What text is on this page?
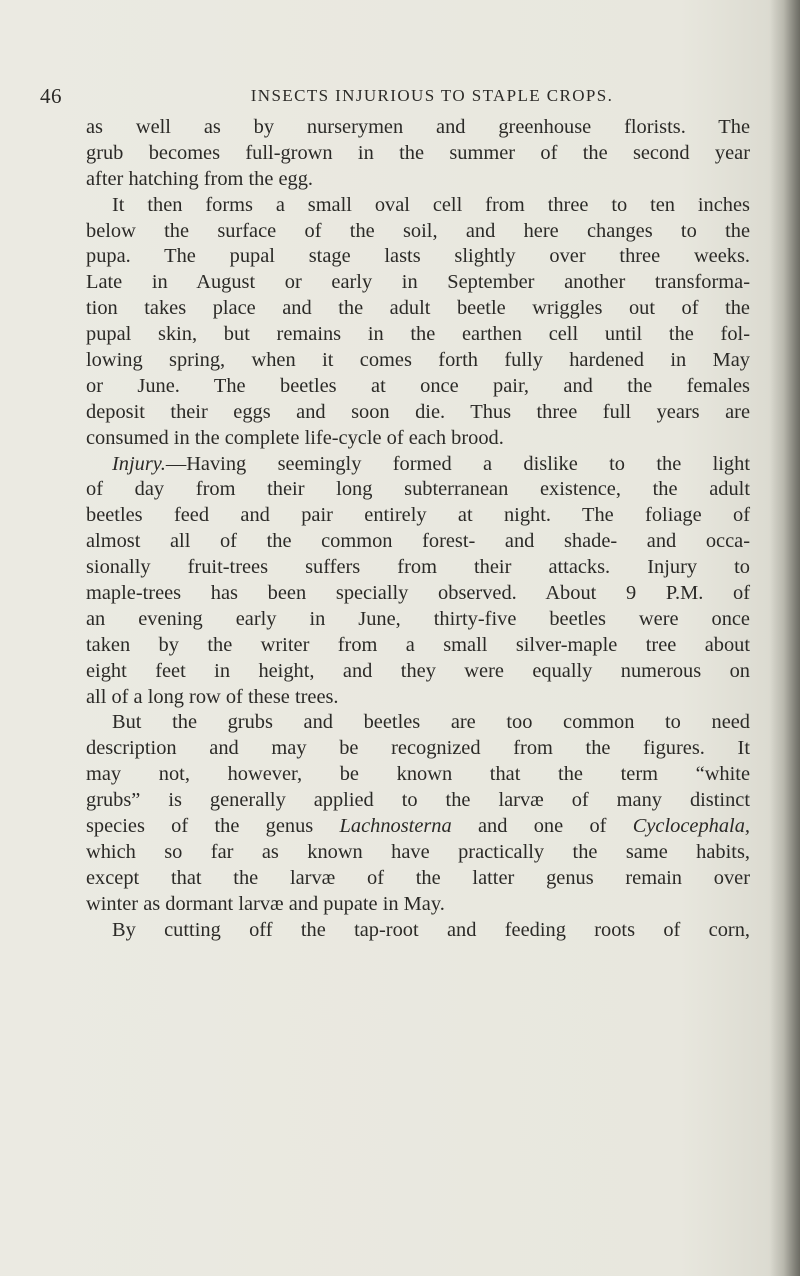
46	INSECTS INJURIOUS TO STAPLE CROPS.
as well as by nurserymen and greenhouse florists. The
grub becomes full-grown in the summer of the second year
after hatching from the egg.
It then forms a small oval cell from three to ten inches
below the surface of the soil, and here changes to the
pupa. The pupal stage lasts slightly over three weeks.
Late in August or early in September another transforma-
tion takes place and the adult beetle wriggles out of the
pupal skin, but remains in the earthen cell until the fol-
lowing spring, when it comes forth fully hardened in May
or June. The beetles at once pair, and the females
deposit their eggs and soon die. Thus three full years are
consumed in the complete life-cycle of each brood.
Injury.—Having seemingly formed a dislike to the light
of day from their long subterranean existence, the adult
beetles feed and pair entirely at night. The foliage of
almost all of the common forest- and shade- and occa-
sionally fruit-trees suffers from their attacks. Injury to
maple-trees has been specially observed. About 9 P.M. of
an evening early in June, thirty-five beetles were once
taken by the writer from a small silver-maple tree about
eight feet in height, and they were equally numerous on
all of a long row of these trees.
But the grubs and beetles are too common to need
description and may be recognized from the figures. It
may not, however, be known that the term “white
grubs” is generally applied to the larvæ of many distinct
species of the genus Lachnosterna and one of Cyclocephala,
which so far as known have practically the same habits,
except that the larvæ of the latter genus remain over
winter as dormant larvæ and pupate in May.
By cutting off the tap-root and feeding roots of corn,
